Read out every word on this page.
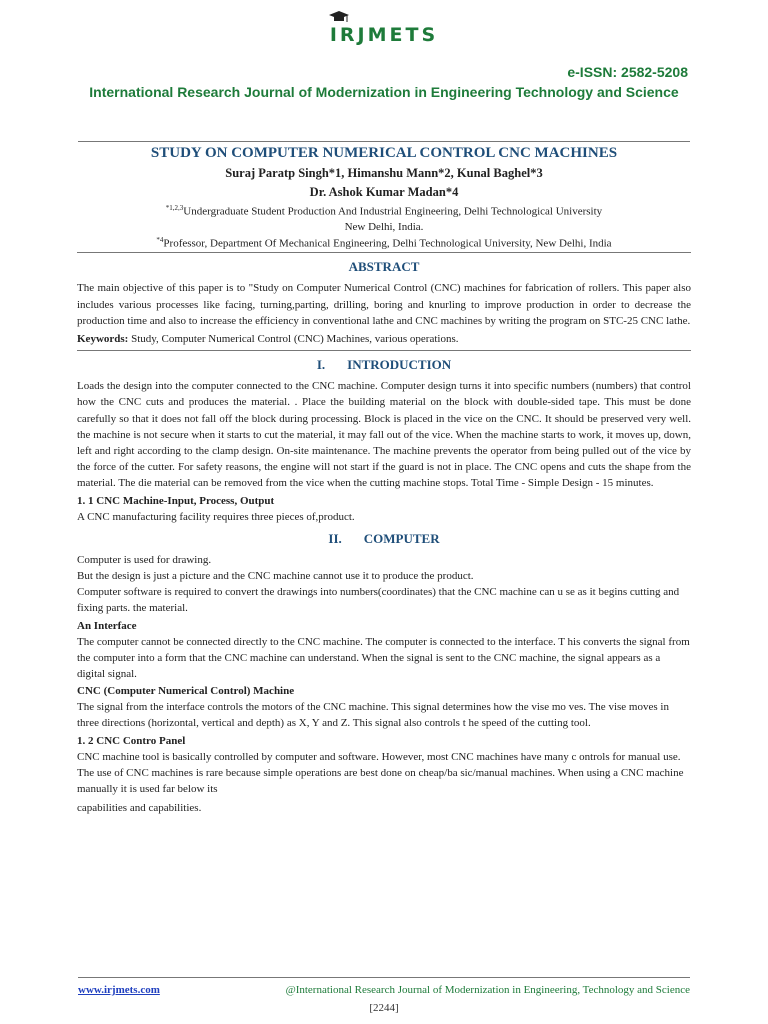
IRJMETS
e-ISSN: 2582-5208
International Research Journal of Modernization in Engineering Technology and Science
STUDY ON COMPUTER NUMERICAL CONTROL CNC MACHINES
Suraj Paratp Singh*1, Himanshu Mann*2, Kunal Baghel*3
Dr. Ashok Kumar Madan*4
$^{*1,2,3}$Undergraduate Student Production And Industrial Engineering, Delhi Technological University
New Delhi, India.
$^{*4}$Professor, Department Of Mechanical Engineering, Delhi Technological University, New Delhi, India
ABSTRACT

The main objective of this paper is to "Study on Computer Numerical Control (CNC) machines for fabrication of rollers. This paper also includes various processes like facing, turning,parting, drilling, boring and knurling to improve production in order to decrease the production time and also to increase the efficiency in conventional lathe and CNC machines by writing the program on STC-25 CNC lathe.

Keywords: Study, Computer Numerical Control (CNC) Machines, various operations.

I. INTRODUCTION

Loads the design into the computer connected to the CNC machine. Computer design turns it into specific numbers (numbers) that control how the CNC cuts and produces the material. . Place the building material on the block with double-sided tape. This must be done carefully so that it does not fall off the block during processing. Block is placed in the vice on the CNC. It should be preserved very well. the machine is not secure when it starts to cut the material, it may fall out of the vice. When the machine starts to work, it moves up, down, left and right according to the clamp design. On-site maintenance. The machine prevents the operator from being pulled out of the vice by the force of the cutter. For safety reasons, the engine will not start if the guard is not in place. The CNC opens and cuts the shape from the material. The die material can be removed from the vice when the cutting machine stops. Total Time - Simple Design - 15 minutes.

1. 1 CNC Machine-Input, Process, Output

A CNC manufacturing facility requires three pieces of,product.

II. COMPUTER

Computer is used for drawing.

But the design is just a picture and the CNC machine cannot use it to produce the product.

Computer software is required to convert the drawings into numbers(coordinates) that the CNC machine can u se as it begins cutting and fixing parts. the material.

An Interface

The computer cannot be connected directly to the CNC machine. The computer is connected to the interface. T his converts the signal from the computer into a form that the CNC machine can understand. When the signal is sent to the CNC machine, the signal appears as a digital signal.

CNC (Computer Numerical Control) Machine

The signal from the interface controls the motors of the CNC machine. This signal determines how the vise mo ves. The vise moves in three directions (horizontal, vertical and depth) as X, Y and Z. This signal also controls t he speed of the cutting tool.

1. 2 CNC Contro Panel

CNC machine tool is basically controlled by computer and software. However, most CNC machines have many c ontrols for manual use. The use of CNC machines is rare because simple operations are best done on cheap/ba sic/manual machines. When using a CNC machine manually it is used far below its

capabilities and capabilities.

www.irjmets.com	@International Research Journal of Modernization in Engineering, Technology and Science
[2244]
